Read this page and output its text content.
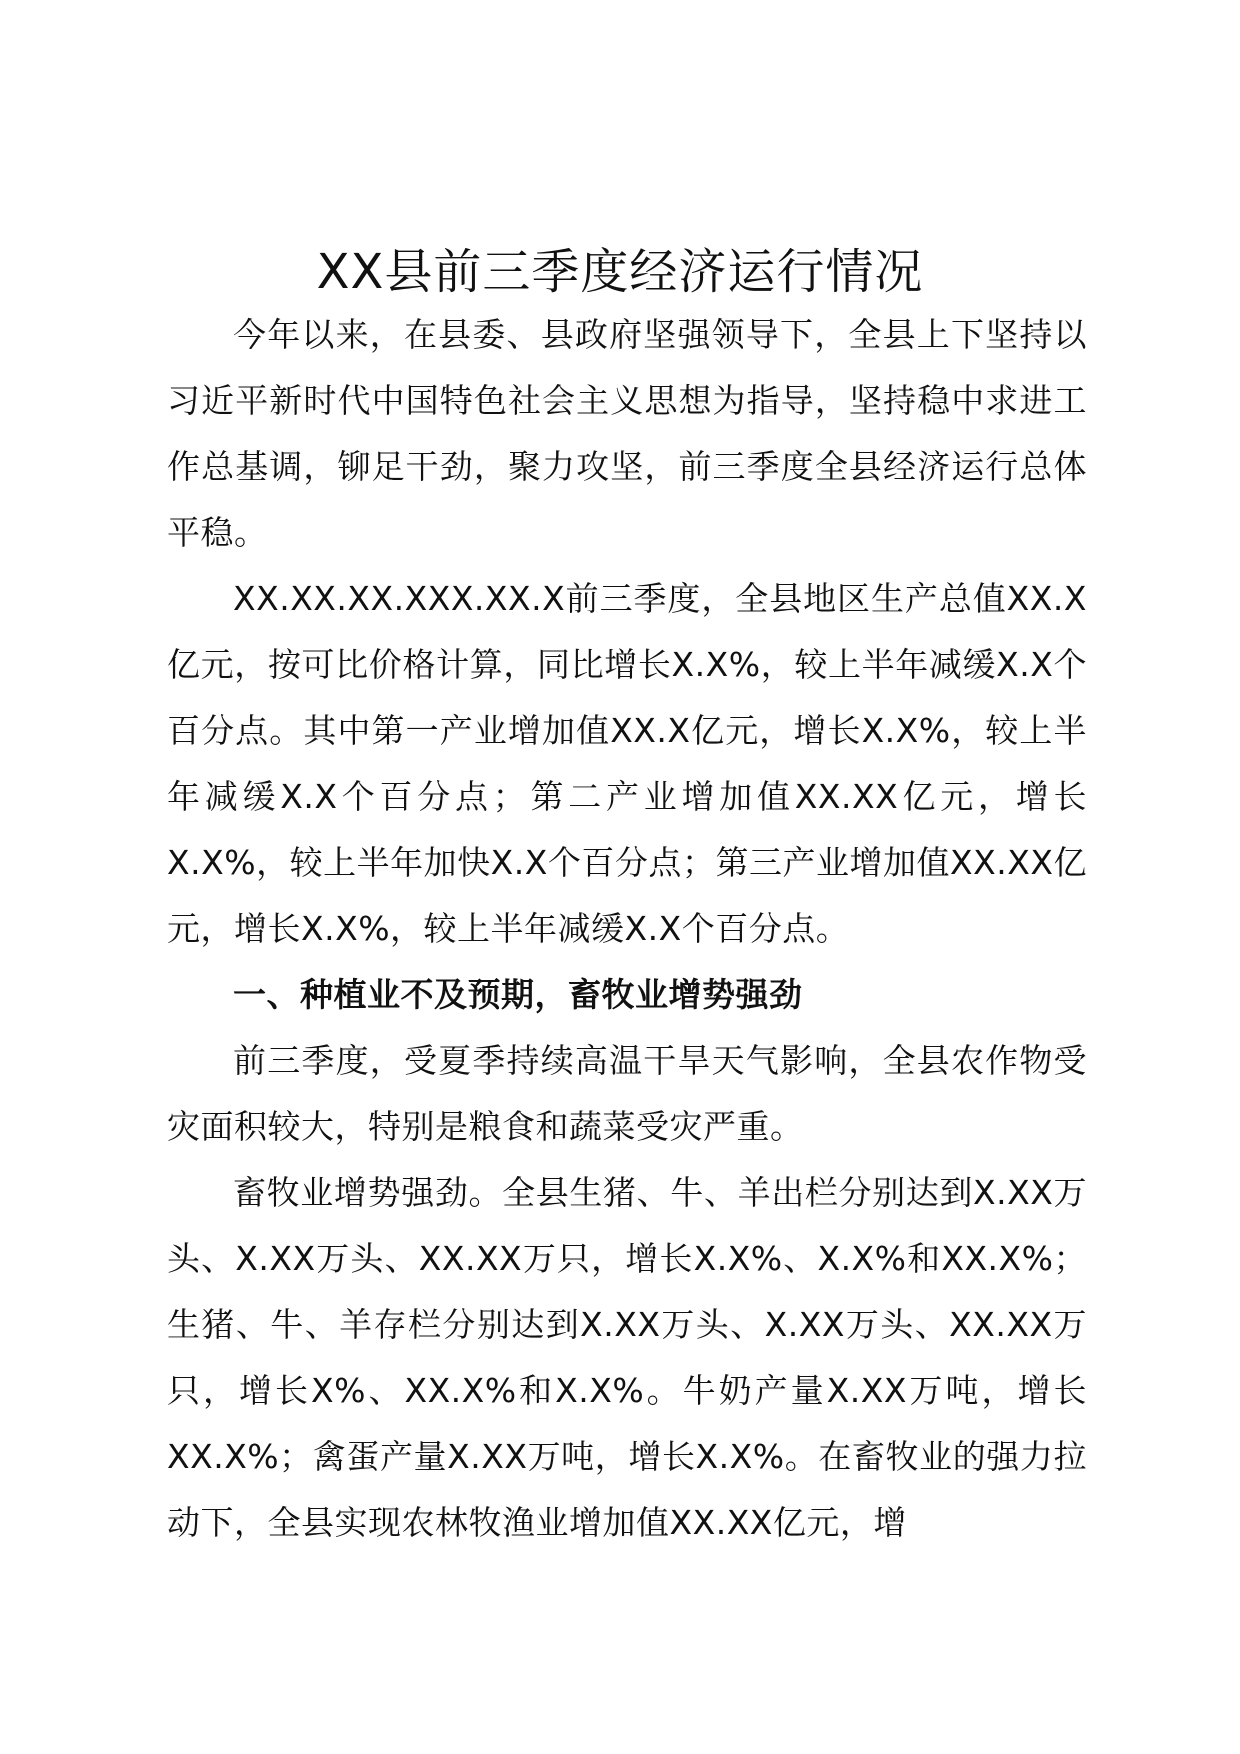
XX县前三季度经济运行情况

今年以来，在县委、县政府坚强领导下，全县上下坚持以习近平新时代中国特色社会主义思想为指导，坚持稳中求进工作总基调，铆足干劲，聚力攻坚，前三季度全县经济运行总体平稳。

XX.XX.XX.XXX.XX.X前三季度，全县地区生产总值XX.X亿元，按可比价格计算，同比增长X.X%，较上半年减缓X.X个百分点。其中第一产业增加值XX.X亿元，增长X.X%，较上半年减缓X.X个百分点；第二产业增加值XX.XX亿元，增长X.X%，较上半年加快X.X个百分点；第三产业增加值XX.XX亿元，增长X.X%，较上半年减缓X.X个百分点。

一、种植业不及预期，畜牧业增势强劲

前三季度，受夏季持续高温干旱天气影响，全县农作物受灾面积较大，特别是粮食和蔬菜受灾严重。

畜牧业增势强劲。全县生猪、牛、羊出栏分别达到X.XX万头、X.XX万头、XX.XX万只，增长X.X%、X.X%和XX.X%；生猪、牛、羊存栏分别达到X.XX万头、X.XX万头、XX.XX万只，增长X%、XX.X%和X.X%。牛奶产量X.XX万吨，增长XX.X%；禽蛋产量X.XX万吨，增长X.X%。在畜牧业的强力拉动下，全县实现农林牧渔业增加值XX.XX亿元，增
